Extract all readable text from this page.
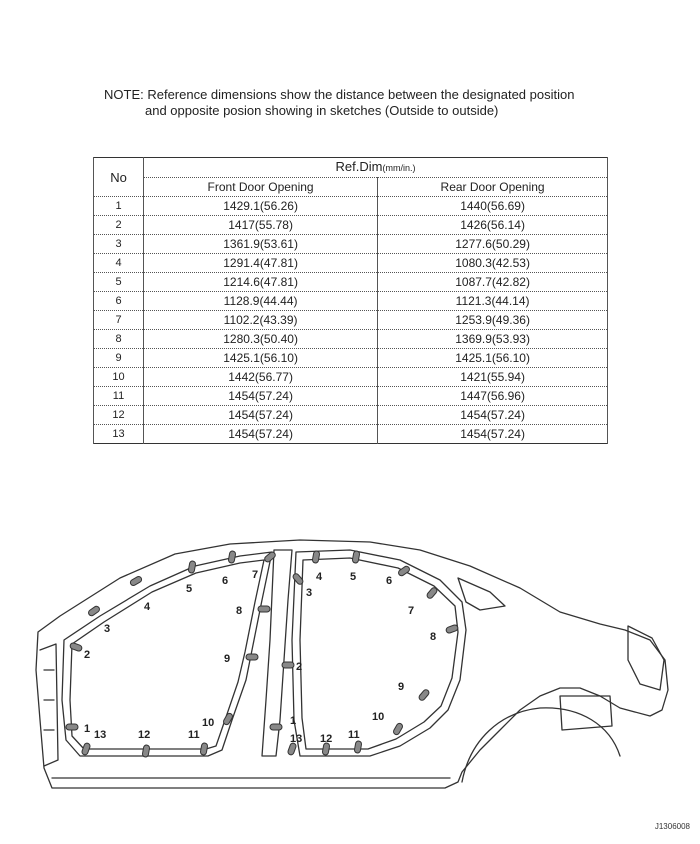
NOTE: Reference dimensions show the distance between the designated position
and opposite posion showing in sketches (Outside to outside)
No	Ref.Dim(mm/in.)	
	Front Door Opening	Rear Door Opening
1	1429.1(56.26)	1440(56.69)
2	1417(55.78)	1426(56.14)
3	1361.9(53.61)	1277.6(50.29)
4	1291.4(47.81)	1080.3(42.53)
5	1214.6(47.81)	1087.7(42.82)
6	1128.9(44.44)	1121.3(44.14)
7	1102.2(43.39)	1253.9(49.36)
8	1280.3(50.40)	1369.9(53.93)
9	1425.1(56.10)	1425.1(56.10)
10	1442(56.77)	1421(55.94)
11	1454(57.24)	1447(56.96)
12	1454(57.24)	1454(57.24)
13	1454(57.24)	1454(57.24)
1
2
3
4
5
6 7
8
9
10
11
12
13
1
2
3
4	5	6
7
8
9
10
11
12
13
J1306008
